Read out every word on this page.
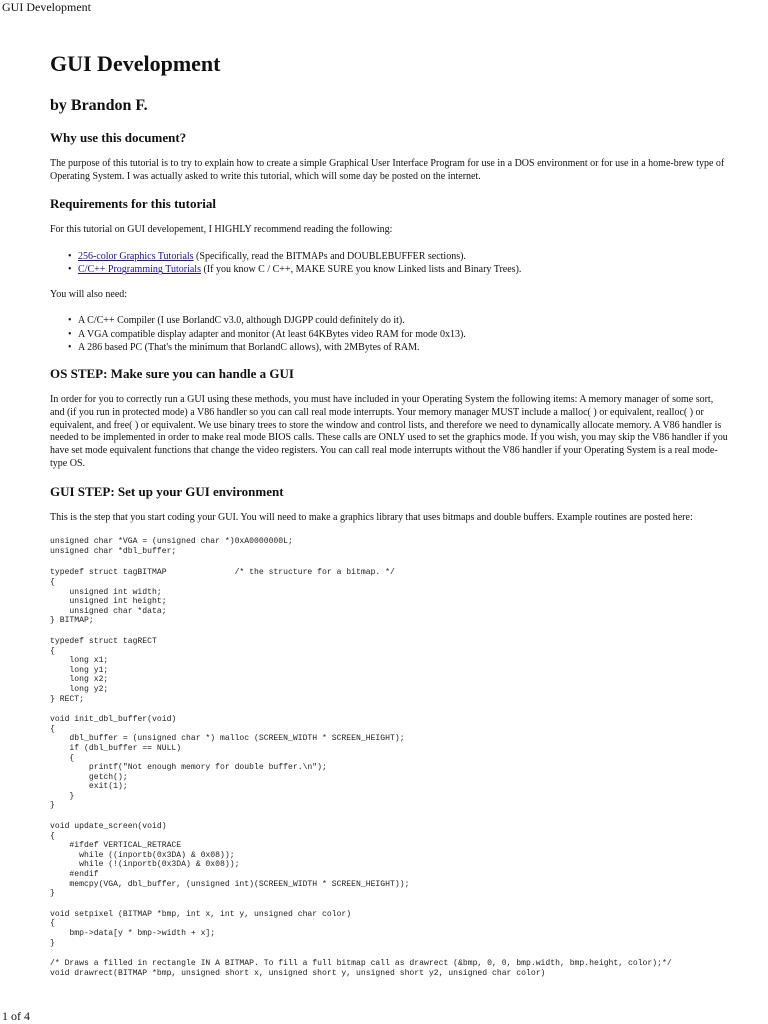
GUI Development
GUI Development
by Brandon F.
Why use this document?

The purpose of this tutorial is to try to explain how to create a simple Graphical User Interface Program for use in a DOS environment or for use in a home-brew type of Operating System. I was actually asked to write this tutorial, which will some day be posted on the internet.

Requirements for this tutorial

For this tutorial on GUI developement, I HIGHLY recommend reading the following:

• 256-color Graphics Tutorials (Specifically, read the BITMAPs and DOUBLEBUFFER sections).
• C/C++ Programming Tutorials (If you know C / C++, MAKE SURE you know Linked lists and Binary Trees).

You will also need:

• A C/C++ Compiler (I use BorlandC v3.0, although DJGPP could definitely do it).
• A VGA compatible display adapter and monitor (At least 64KBytes video RAM for mode 0x13).
• A 286 based PC (That's the minimum that BorlandC allows), with 2MBytes of RAM.
OS STEP: Make sure you can handle a GUI

In order for you to correctly run a GUI using these methods, you must have included in your Operating System the following items: A memory manager of some sort, and (if you run in protected mode) a V86 handler so you can call real mode interrupts. Your memory manager MUST include a malloc( ) or equivalent, realloc( ) or equivalent, and free( ) or equivalent. We use binary trees to store the window and control lists, and therefore we need to dynamically allocate memory. A V86 handler is needed to be implemented in order to make real mode BIOS calls. These calls are ONLY used to set the graphics mode. If you wish, you may skip the V86 handler if you have set mode equivalent functions that change the video registers. You can call real mode interrupts without the V86 handler if your Operating System is a real mode-type OS.

GUI STEP: Set up your GUI environment

This is the step that you start coding your GUI. You will need to make a graphics library that uses bitmaps and double buffers. Example routines are posted here:

unsigned char *VGA = (unsigned char *)0xA0000000L;
unsigned char *dbl_buffer;
typedef struct tagBITMAP              /* the structure for a bitmap. */
{
unsigned int width;
unsigned int height;
unsigned char *data;
} BITMAP;
typedef struct tagRECT
{
long x1;
long y1;
long x2;
long y2;
} RECT;
void init_dbl_buffer(void)
{
dbl_buffer = (unsigned char *) malloc (SCREEN_WIDTH * SCREEN_HEIGHT);
if (dbl_buffer == NULL)
{
printf("Not enough memory for double buffer.\n");
getch();
exit(1);
}
}
void update_screen(void)
{
#ifdef VERTICAL_RETRACE
while ((inportb(0x3DA) & 0x08));
while (!(inportb(0x3DA) & 0x08));
#endif
memcpy(VGA, dbl_buffer, (unsigned int)(SCREEN_WIDTH * SCREEN_HEIGHT));
}
void setpixel (BITMAP *bmp, int x, int y, unsigned char color)
{
bmp->data[y * bmp->width + x];
}
/* Draws a filled in rectangle IN A BITMAP. To fill a full bitmap call as drawrect (&bmp, 0, 0, bmp.width, bmp.height, color);*/
void drawrect(BITMAP *bmp, unsigned short x, unsigned short y, unsigned short y2, unsigned char color)
1 of 4
